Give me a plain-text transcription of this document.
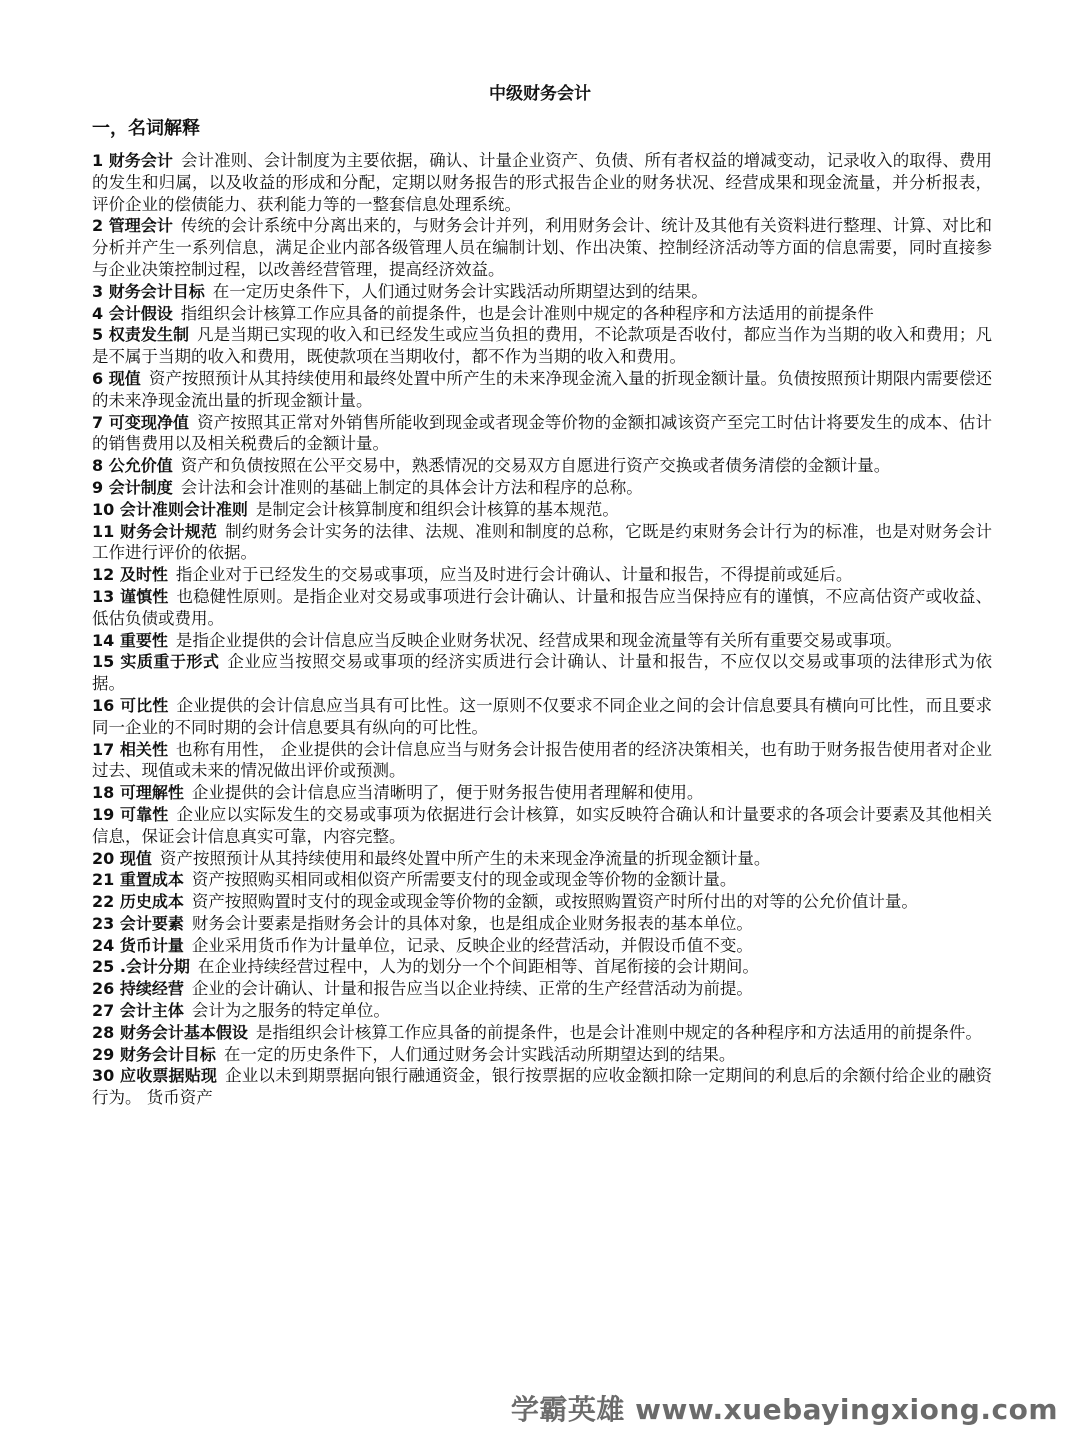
中级财务会计
一，名词解释

1 财务会计 会计准则、会计制度为主要依据，确认、计量企业资产、负债、所有者权益的增减变动，记录收入的取得、费用的发生和归属，以及收益的形成和分配，定期以财务报告的形式报告企业的财务状况、经营成果和现金流量，并分析报表，评价企业的偿债能力、获利能力等的一整套信息处理系统。

2 管理会计 传统的会计系统中分离出来的，与财务会计并列，利用财务会计、统计及其他有关资料进行整理、计算、对比和分析并产生一系列信息，满足企业内部各级管理人员在编制计划、作出决策、控制经济活动等方面的信息需要，同时直接参与企业决策控制过程，以改善经营管理，提高经济效益。

3 财务会计目标 在一定历史条件下，人们通过财务会计实践活动所期望达到的结果。

4 会计假设 指组织会计核算工作应具备的前提条件，也是会计准则中规定的各种程序和方法适用的前提条件

5 权责发生制 凡是当期已实现的收入和已经发生或应当负担的费用，不论款项是否收付，都应当作为当期的收入和费用；凡是不属于当期的收入和费用，既使款项在当期收付，都不作为当期的收入和费用。

6 现值 资产按照预计从其持续使用和最终处置中所产生的未来净现金流入量的折现金额计量。负债按照预计期限内需要偿还的未来净现金流出量的折现金额计量。

7 可变现净值 资产按照其正常对外销售所能收到现金或者现金等价物的金额扣减该资产至完工时估计将要发生的成本、估计的销售费用以及相关税费后的金额计量。

8 公允价值 资产和负债按照在公平交易中，熟悉情况的交易双方自愿进行资产交换或者债务清偿的金额计量。

9 会计制度 会计法和会计准则的基础上制定的具体会计方法和程序的总称。

10 会计准则会计准则 是制定会计核算制度和组织会计核算的基本规范。

11 财务会计规范 制约财务会计实务的法律、法规、准则和制度的总称，它既是约束财务会计行为的标准，也是对财务会计工作进行评价的依据。

12 及时性 指企业对于已经发生的交易或事项，应当及时进行会计确认、计量和报告，不得提前或延后。

13 谨慎性 也稳健性原则。是指企业对交易或事项进行会计确认、计量和报告应当保持应有的谨慎，不应高估资产或收益、低估负债或费用。

14 重要性 是指企业提供的会计信息应当反映企业财务状况、经营成果和现金流量等有关所有重要交易或事项。

15 实质重于形式 企业应当按照交易或事项的经济实质进行会计确认、计量和报告，不应仅以交易或事项的法律形式为依据。

16 可比性 企业提供的会计信息应当具有可比性。这一原则不仅要求不同企业之间的会计信息要具有横向可比性，而且要求同一企业的不同时期的会计信息要具有纵向的可比性。

17 相关性 也称有用性， 企业提供的会计信息应当与财务会计报告使用者的经济决策相关，也有助于财务报告使用者对企业过去、现值或未来的情况做出评价或预测。

18 可理解性 企业提供的会计信息应当清晰明了，便于财务报告使用者理解和使用。

19 可靠性 企业应以实际发生的交易或事项为依据进行会计核算，如实反映符合确认和计量要求的各项会计要素及其他相关信息，保证会计信息真实可靠，内容完整。

20 现值 资产按照预计从其持续使用和最终处置中所产生的未来现金净流量的折现金额计量。

21 重置成本 资产按照购买相同或相似资产所需要支付的现金或现金等价物的金额计量。

22 历史成本 资产按照购置时支付的现金或现金等价物的金额，或按照购置资产时所付出的对等的公允价值计量。

23 会计要素 财务会计要素是指财务会计的具体对象，也是组成企业财务报表的基本单位。

24 货币计量 企业采用货币作为计量单位，记录、反映企业的经营活动，并假设币值不变。

25 .会计分期 在企业持续经营过程中，人为的划分一个个间距相等、首尾衔接的会计期间。

26 持续经营 企业的会计确认、计量和报告应当以企业持续、正常的生产经营活动为前提。

27 会计主体 会计为之服务的特定单位。

28 财务会计基本假设 是指组织会计核算工作应具备的前提条件，也是会计准则中规定的各种程序和方法适用的前提条件。

29 财务会计目标 在一定的历史条件下，人们通过财务会计实践活动所期望达到的结果。

30 应收票据贴现 企业以未到期票据向银行融通资金，银行按票据的应收金额扣除一定期间的利息后的余额付给企业的融资行为。 货币资产

学霸英雄 www.xuebayingxiong.com
